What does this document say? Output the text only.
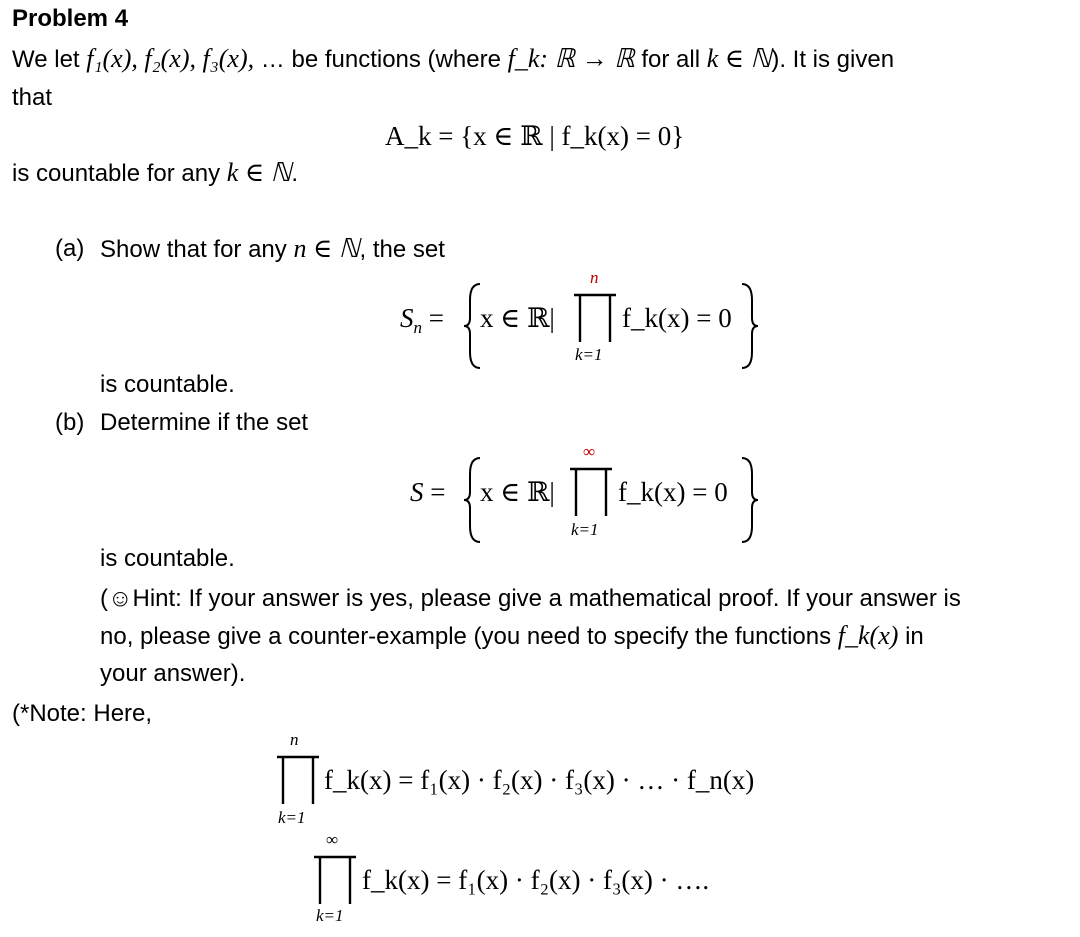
Problem 4
We let f₁(x), f₂(x), f₃(x), … be functions (where f_k: ℝ → ℝ for all k ∈ ℕ). It is given
that
A_k = {x ∈ ℝ | f_k(x) = 0}
is countable for any k ∈ ℕ.
(a) Show that for any n ∈ ℕ, the set
$S_n = x$ ∈ ℝ|
n
k=1
f_k(x) = 0
is countable.
(b) Determine if the set
S = x ∈ ℝ|
∞
k=1
f_k(x) = 0
is countable.
(☺Hint: If your answer is yes, please give a mathematical proof. If your answer is
no, please give a counter-example (you need to specify the functions f_k(x) in
your answer).
(*Note: Here,
n
k=1
f_k(x) = f₁(x) · f₂(x) · f₃(x) · … · f_n(x)
∞
k=1
f_k(x) = f₁(x) · f₂(x) · f₃(x) · ….
